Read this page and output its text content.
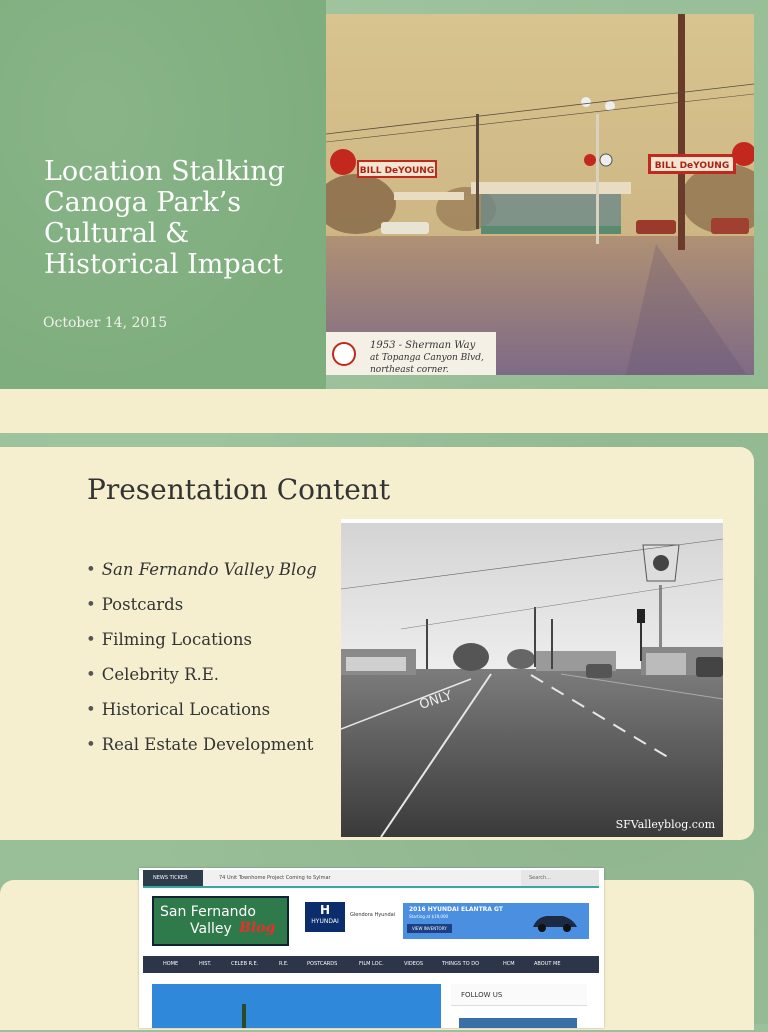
Location Stalking
Canoga Park’s
Cultural &
Historical Impact
October 14, 2015
BILL DeYOUNG	BILL DeYOUNG
1953 - Sherman Way
at Topanga Canyon Blvd,
northeast corner.
Presentation Content
• San Fernando Valley Blog
• Postcards
• Filming Locations
• Celebrity R.E.
• Historical Locations
• Real Estate Development
ONLY
SFValleyblog.com
NEWS TICKER	74 Unit Townhome Project Coming to Sylmar	Search...
San Fernando
Valley Blog
H
HYUNDAI
Glendora Hyundai
2016 HYUNDAI ELANTRA GT
Starting at $19,000
VIEW INVENTORY
HOME	HIST.	CELEB R.E.	R.E.	POSTCARDS	FILM LOC.	VIDEOS	THINGS TO DO	HCM	ABOUT ME
FOLLOW US
